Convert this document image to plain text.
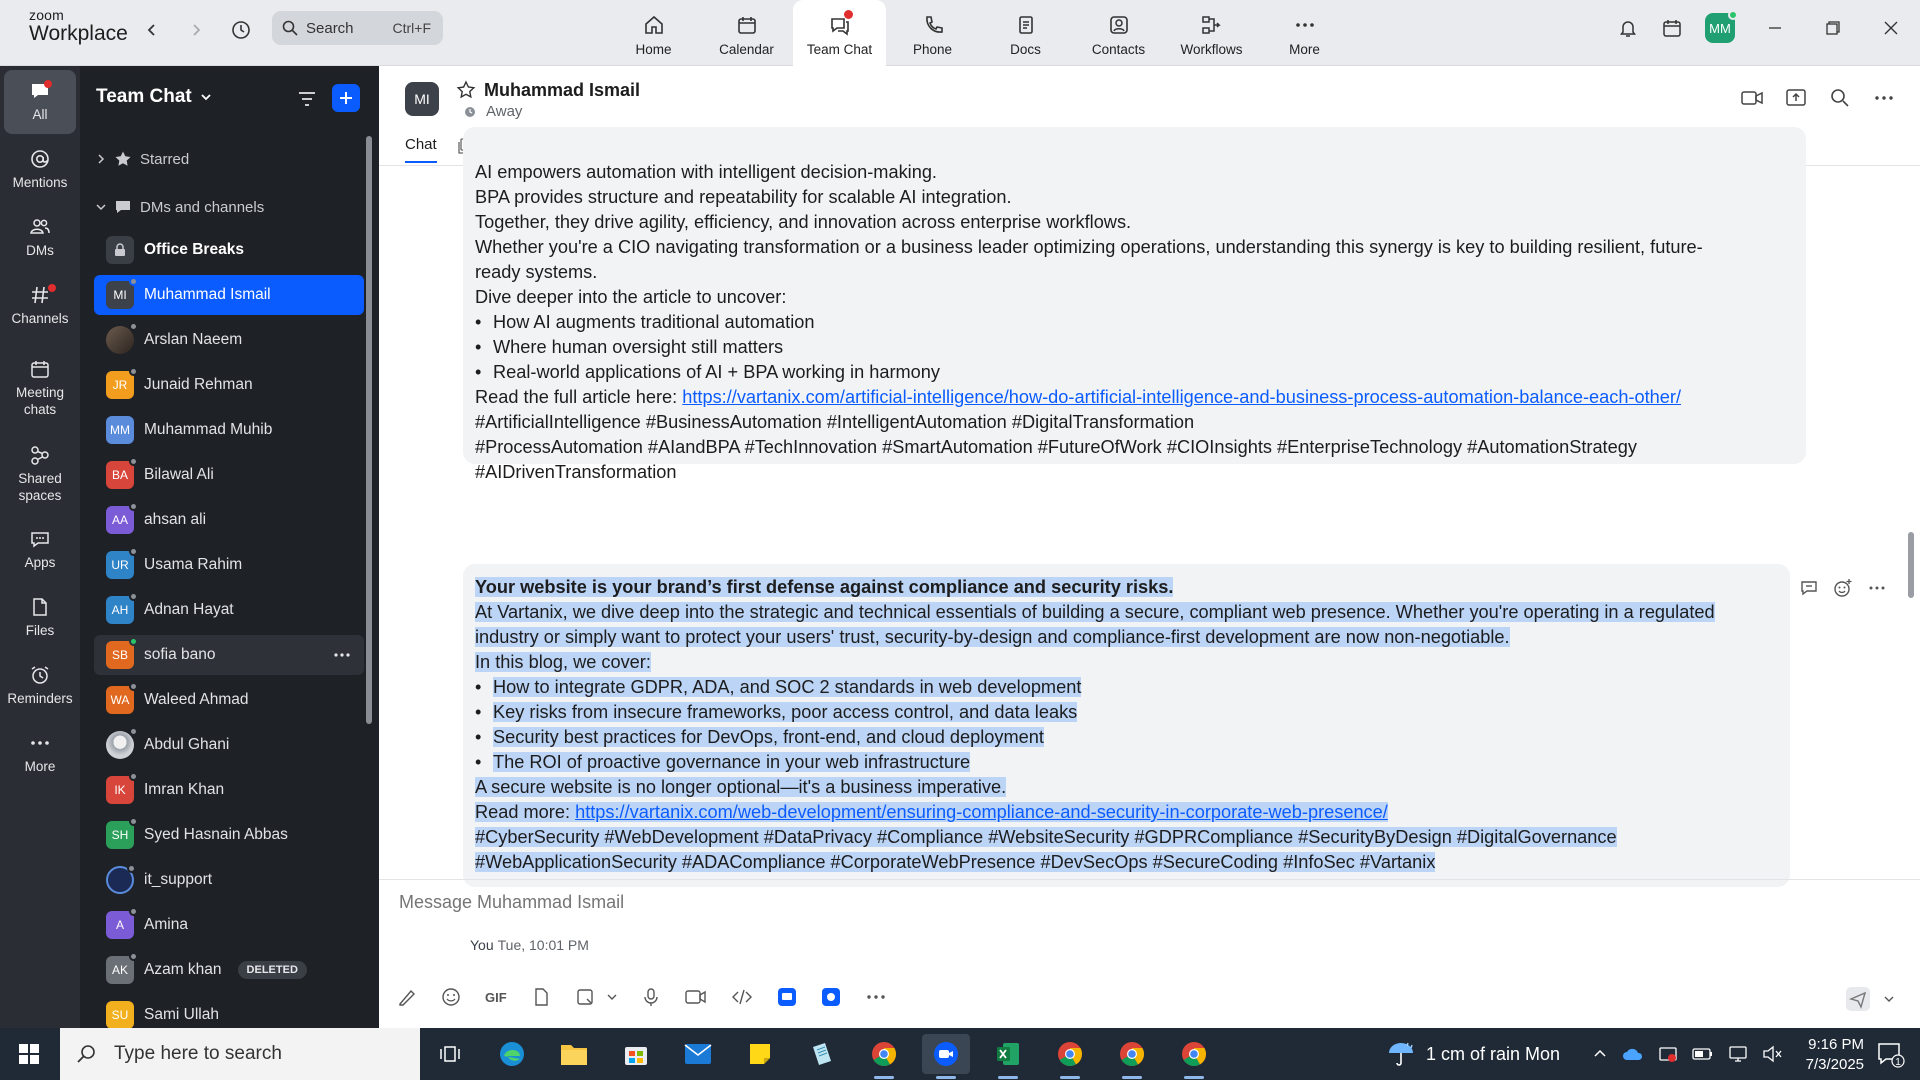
zoom
Workplace	Search	Ctrl+F
Home	Calendar Team Chat	Phone	Docs	Contacts	Workflows	More
MM
All
Mentions
DMs
Channels
Meeting chats
Shared spaces
Apps
Files
Reminders
More
Team Chat
Starred
DMs and channels
Office Breaks
MI Muhammad Ismail
Arslan Naeem
JR Junaid Rehman
MM Muhammad Muhib
BA Bilawal Ali
AA ahsan ali
UR Usama Rahim
AH Adnan Hayat
SB sofia bano
WA Waleed Ahmad
Abdul Ghani
IK Imran Khan
SH Syed Hasnain Abbas
it_support
A Amina
AK Azam khan	DELETED
SU Sami Ullah
MI	Muhammad Ismail
Away
Chat
AI empowers automation with intelligent decision-making.
BPA provides structure and repeatability for scalable AI integration.
Together, they drive agility, efficiency, and innovation across enterprise workflows.
Whether you're a CIO navigating transformation or a business leader optimizing operations, understanding this synergy is key to building resilient, future-
ready systems.
Dive deeper into the article to uncover:
• How AI augments traditional automation
• Where human oversight still matters
• Real-world applications of AI + BPA working in harmony
Read the full article here: https://vartanix.com/artificial-intelligence/how-do-artificial-intelligence-and-business-process-automation-balance-each-other/
#ArtificialIntelligence #BusinessAutomation #IntelligentAutomation #DigitalTransformation
#ProcessAutomation #AIandBPA #TechInnovation #SmartAutomation #FutureOfWork #CIOInsights #EnterpriseTechnology #AutomationStrategy
#AIDrivenTransformation
Your website is your brand’s first defense against compliance and security risks.
At Vartanix, we dive deep into the strategic and technical essentials of building a secure, compliant web presence. Whether you're operating in a regulated
industry or simply want to protect your users' trust, security-by-design and compliance-first development are now non-negotiable.
In this blog, we cover:
• How to integrate GDPR, ADA, and SOC 2 standards in web development
• Key risks from insecure frameworks, poor access control, and data leaks
• Security best practices for DevOps, front-end, and cloud deployment
• The ROI of proactive governance in your web infrastructure
A secure website is no longer optional—it's a business imperative.
Read more: https://vartanix.com/web-development/ensuring-compliance-and-security-in-corporate-web-presence/
#CyberSecurity #WebDevelopment #DataPrivacy #Compliance #WebsiteSecurity #GDPRCompliance #SecurityByDesign #DigitalGovernance
#WebApplicationSecurity #ADACompliance #CorporateWebPresence #DevSecOps #SecureCoding #InfoSec #Vartanix
You Tue, 10:01 PM
Message Muhammad Ismail
GIF
Type here to search	1 cm of rain Mon	9:16 PM
7/3/2025	1
